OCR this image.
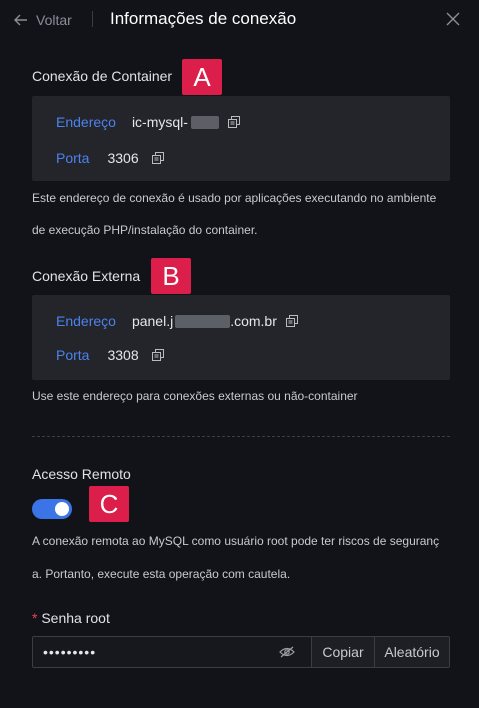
Voltar Informações de conexão
Conexão de Container A
Endereço ic-mysql-
Porta 3306
Este endereço de conexão é usado por aplicações executando no ambiente
de execução PHP/instalação do container.
Conexão Externa B
Endereço panel.j	.com.br
Porta 3308
Use este endereço para conexões externas ou não-container
Acesso Remoto
C
A conexão remota ao MySQL como usuário root pode ter riscos de seguranç
a. Portanto, execute esta operação com cautela.
* Senha root
•••••••••
Copiar	Aleatório
